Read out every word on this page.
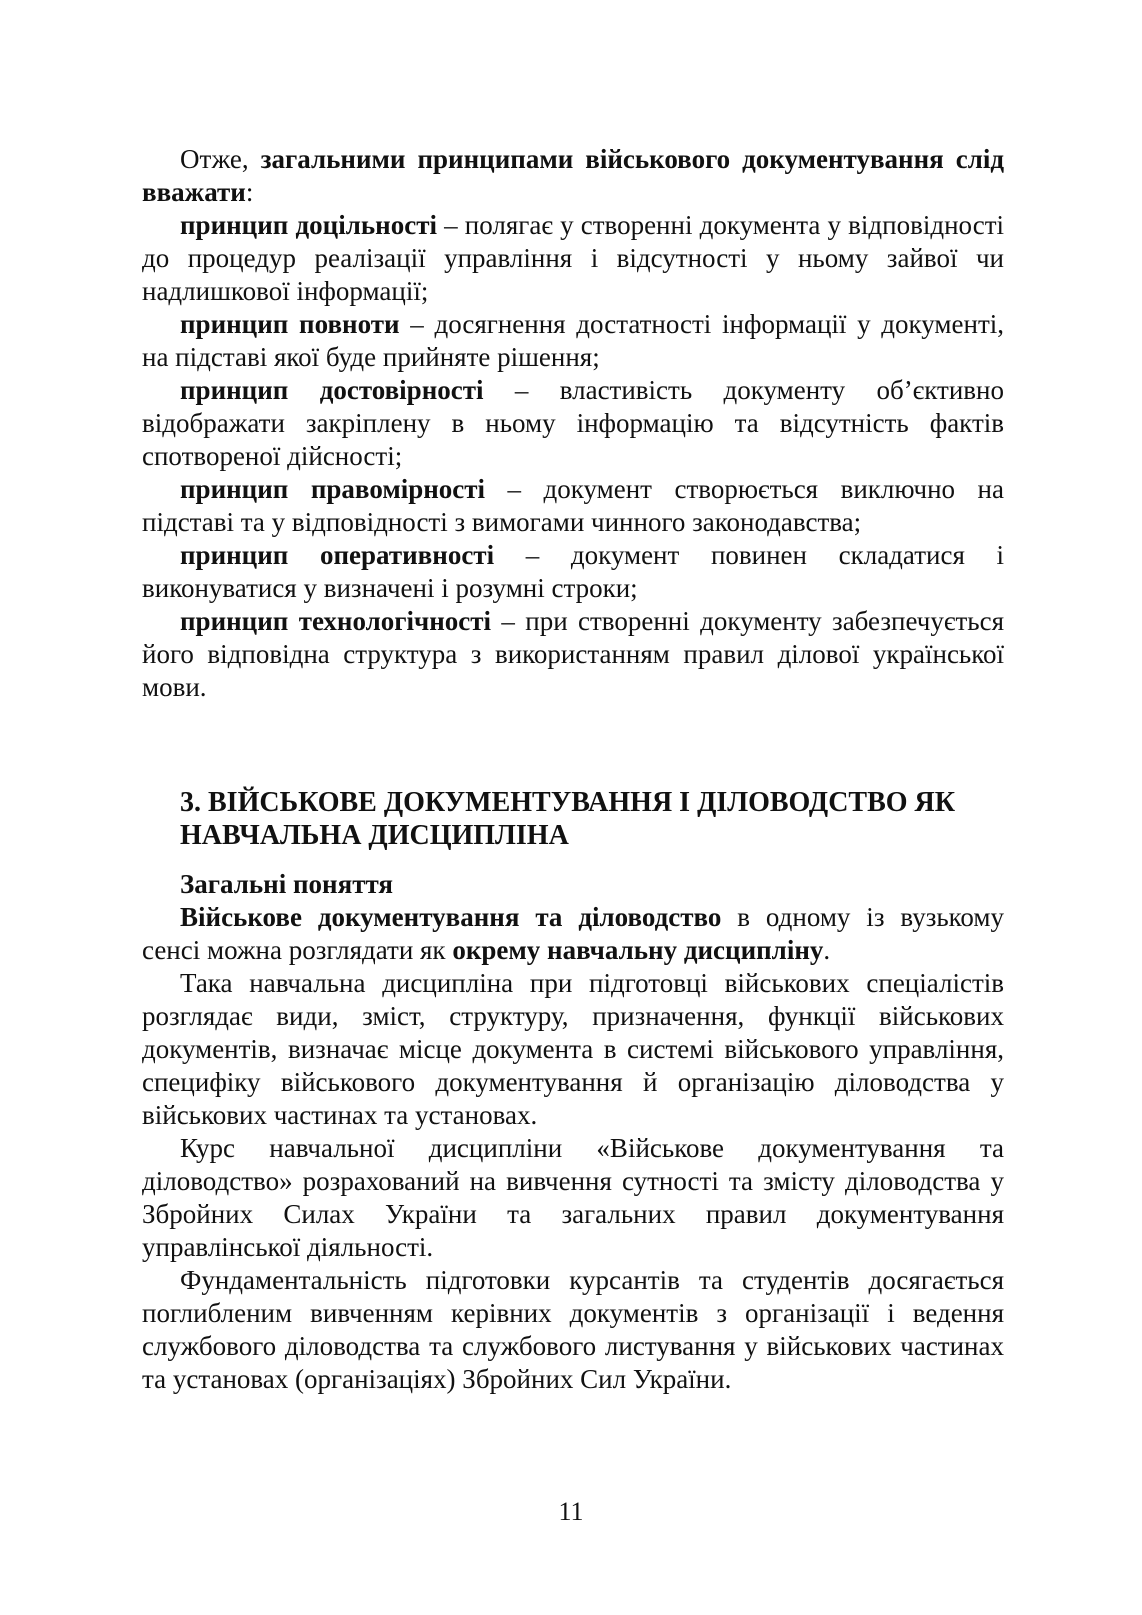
Отже, загальними принципами військового документування слід вважати:

принцип доцільності – полягає у створенні документа у відповідності до процедур реалізації управління і відсутності у ньому зайвої чи надлишкової інформації;

принцип повноти – досягнення достатності інформації у документі, на підставі якої буде прийняте рішення;

принцип достовірності – властивість документу об’єктивно відображати закріплену в ньому інформацію та відсутність фактів спотвореної дійсності;

принцип правомірності – документ створюється виключно на підставі та у відповідності з вимогами чинного законодавства;

принцип оперативності – документ повинен складатися і виконуватися у визначені і розумні строки;

принцип технологічності – при створенні документу забезпечується його відповідна структура з використанням правил ділової української мови.

3. ВІЙСЬКОВЕ ДОКУМЕНТУВАННЯ І ДІЛОВОДСТВО ЯК НАВЧАЛЬНА ДИСЦИПЛІНА

Загальні поняття

Військове документування та діловодство в одному із вузькому сенсі можна розглядати як окрему навчальну дисципліну.

Така навчальна дисципліна при підготовці військових спеціалістів розглядає види, зміст, структуру, призначення, функції військових документів, визначає місце документа в системі військового управління, специфіку військового документування й організацію діловодства у військових частинах та установах.

Курс навчальної дисципліни «Військове документування та діловодство» розрахований на вивчення сутності та змісту діловодства у Збройних Силах України та загальних правил документування управлінської діяльності.

Фундаментальність підготовки курсантів та студентів досягається поглибленим вивченням керівних документів з організації і ведення службового діловодства та службового листування у військових частинах та установах (організаціях) Збройних Сил України.

11
